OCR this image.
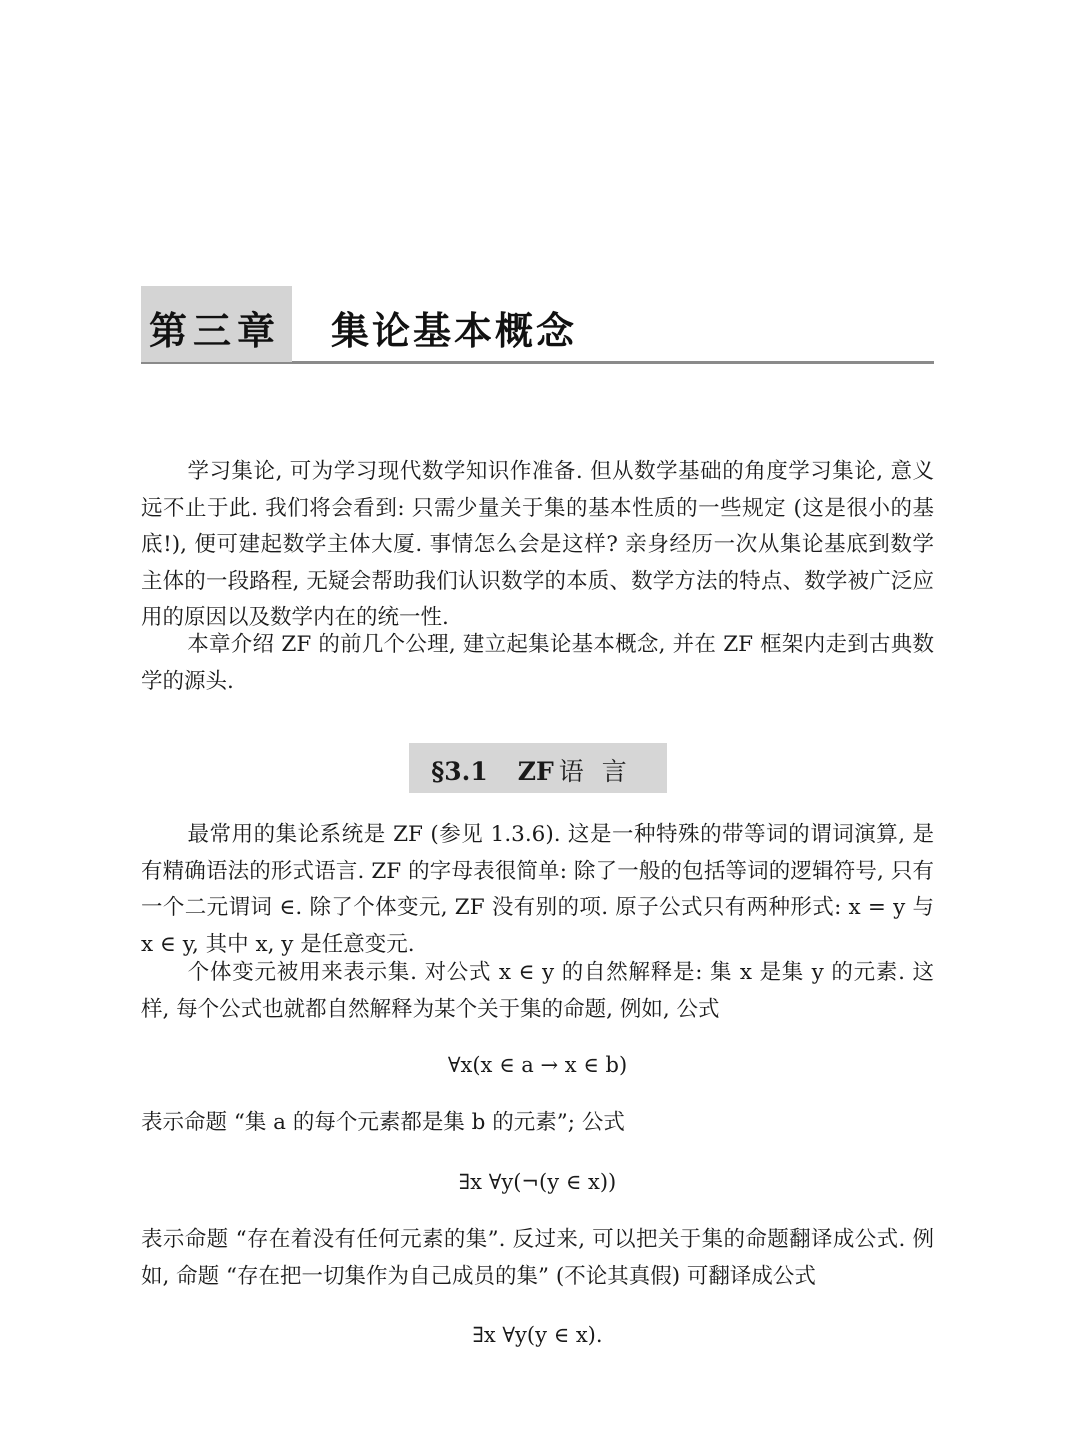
第三章 集论基本概念

学习集论, 可为学习现代数学知识作准备. 但从数学基础的角度学习集论, 意义远不止于此. 我们将会看到: 只需少量关于集的基本性质的一些规定 (这是很小的基底!), 便可建起数学主体大厦. 事情怎么会是这样? 亲身经历一次从集论基底到数学主体的一段路程, 无疑会帮助我们认识数学的本质、数学方法的特点、数学被广泛应用的原因以及数学内在的统一性.

本章介绍 ZF 的前几个公理, 建立起集论基本概念, 并在 ZF 框架内走到古典数学的源头.

§3.1 ZF  语言

最常用的集论系统是 ZF (参见 1.3.6). 这是一种特殊的带等词的谓词演算, 是有精确语法的形式语言. ZF 的字母表很简单: 除了一般的包括等词的逻辑符号, 只有一个二元谓词 ∈. 除了个体变元, ZF 没有别的项. 原子公式只有两种形式: x = y 与 x ∈ y, 其中 x, y 是任意变元.

个体变元被用来表示集. 对公式 x ∈ y 的自然解释是: 集 x 是集 y 的元素. 这样, 每个公式也就都自然解释为某个关于集的命题, 例如, 公式

∀x(x ∈ a → x ∈ b)
表示命题 “集 a 的每个元素都是集 b 的元素”; 公式
∃x ∀y(¬(y ∈ x))

表示命题 “存在着没有任何元素的集”. 反过来, 可以把关于集的命题翻译成公式. 例如, 命题 “存在把一切集作为自己成员的集” (不论其真假) 可翻译成公式

∃x ∀y(y ∈ x).
